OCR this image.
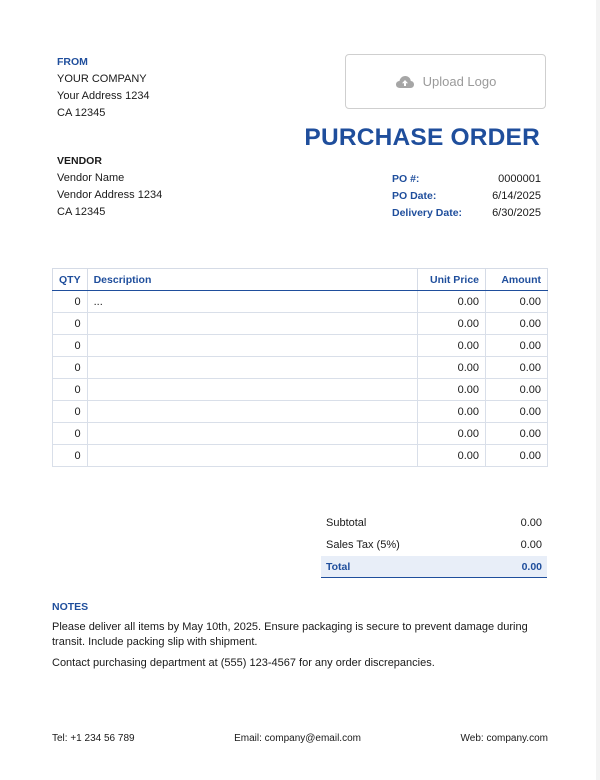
FROM
YOUR COMPANY
Your Address 1234
CA 12345
Upload Logo
PURCHASE ORDER
VENDOR
Vendor Name
Vendor Address 1234
CA 12345
PO #:	0000001
PO Date:	6/14/2025
Delivery Date:	6/30/2025
QTY	Description	Unit Price	Amount
0	...	0.00	0.00
0		0.00	0.00
0		0.00	0.00
0		0.00	0.00
0		0.00	0.00
0		0.00	0.00
0		0.00	0.00
0		0.00	0.00
Subtotal	0.00
Sales Tax (5%)	0.00
Total	0.00
NOTES
Please deliver all items by May 10th, 2025. Ensure packaging is secure to prevent damage during transit. Include packing slip with shipment.
Contact purchasing department at (555) 123-4567 for any order discrepancies.
Tel: +1 234 56 789	Email: company@email.com	Web: company.com
